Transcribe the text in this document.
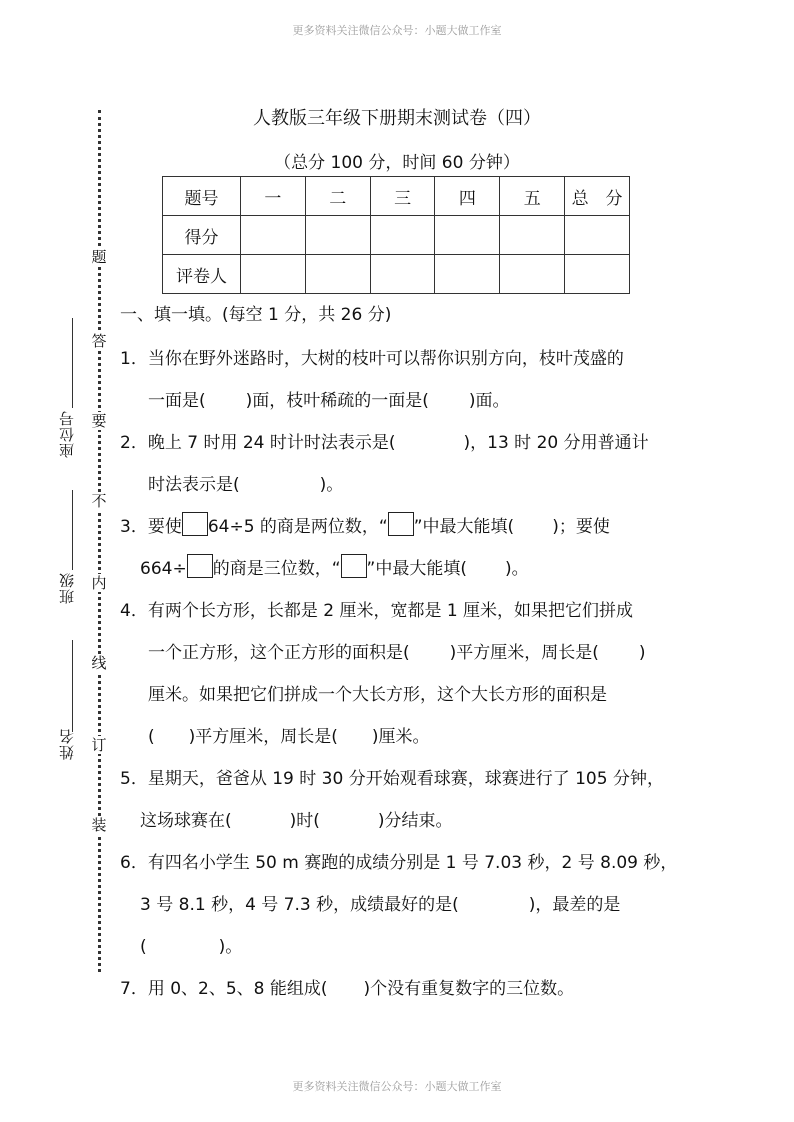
更多资料关注微信公众号：小题大做工作室
更多资料关注微信公众号：小题大做工作室
人教版三年级下册期末测试卷（四）
（总分 100 分，时间 60 分钟）
题号	一	二	三	四	五	总　分
得分						
评卷人						
题
答
要
不
内
线
订
装
座位号
班级
姓名
一、填一填。(每空 1 分，共 26 分)
1．当你在野外迷路时，大树的枝叶可以帮你识别方向，枝叶茂盛的
一面是( )面，枝叶稀疏的一面是( )面。
2．晚上 7 时用 24 时计时法表示是(	)，13 时 20 分用普通计
时法表示是(	)。
3．要使 64÷5 的商是两位数，“ ”中最大能填( )；要使
664÷ 的商是三位数，“ ”中最大能填( )。
4．有两个长方形，长都是 2 厘米，宽都是 1 厘米，如果把它们拼成
一个正方形，这个正方形的面积是( )平方厘米，周长是( )
厘米。如果把它们拼成一个大长方形，这个大长方形的面积是
( )平方厘米，周长是( )厘米。
5．星期天，爸爸从 19 时 30 分开始观看球赛，球赛进行了 105 分钟，
这场球赛在(	)时(	)分结束。
6．有四名小学生 50 m 赛跑的成绩分别是 1 号 7.03 秒，2 号 8.09 秒，
3 号 8.1 秒，4 号 7.3 秒，成绩最好的是(	)，最差的是
(	)。
7．用 0、2、5、8 能组成( )个没有重复数字的三位数。
